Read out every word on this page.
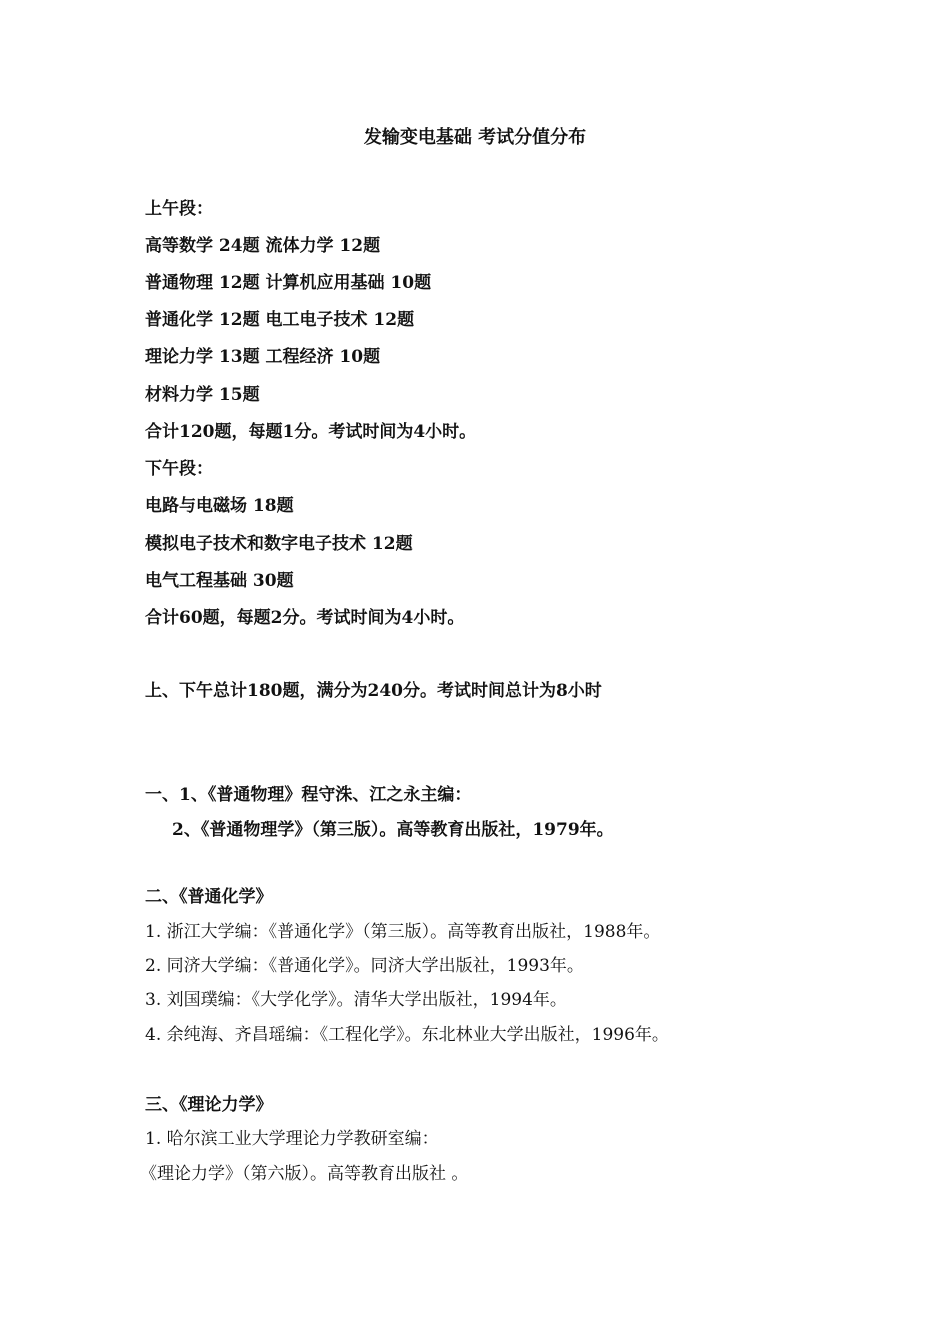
发输变电基础 考试分值分布
上午段：
高等数学 24题 流体力学 12题
普通物理 12题 计算机应用基础 10题
普通化学 12题 电工电子技术 12题
理论力学 13题 工程经济 10题
材料力学 15题
合计120题，每题1分。考试时间为4小时。
下午段：
电路与电磁场 18题
模拟电子技术和数字电子技术 12题
电气工程基础 30题
合计60题，每题2分。考试时间为4小时。
上、下午总计180题，满分为240分。考试时间总计为8小时
一、1、《普通物理》程守洙、江之永主编：
2、《普通物理学》（第三版）。高等教育出版社，1979年。
二、《普通化学》
1. 浙江大学编：《普通化学》（第三版）。高等教育出版社，1988年。
2. 同济大学编：《普通化学》。同济大学出版社，1993年。
3. 刘国璞编：《大学化学》。清华大学出版社，1994年。
4. 余纯海、齐昌瑶编：《工程化学》。东北林业大学出版社，1996年。
三、《理论力学》
1. 哈尔滨工业大学理论力学教研室编：
《理论力学》（第六版）。高等教育出版社 。
